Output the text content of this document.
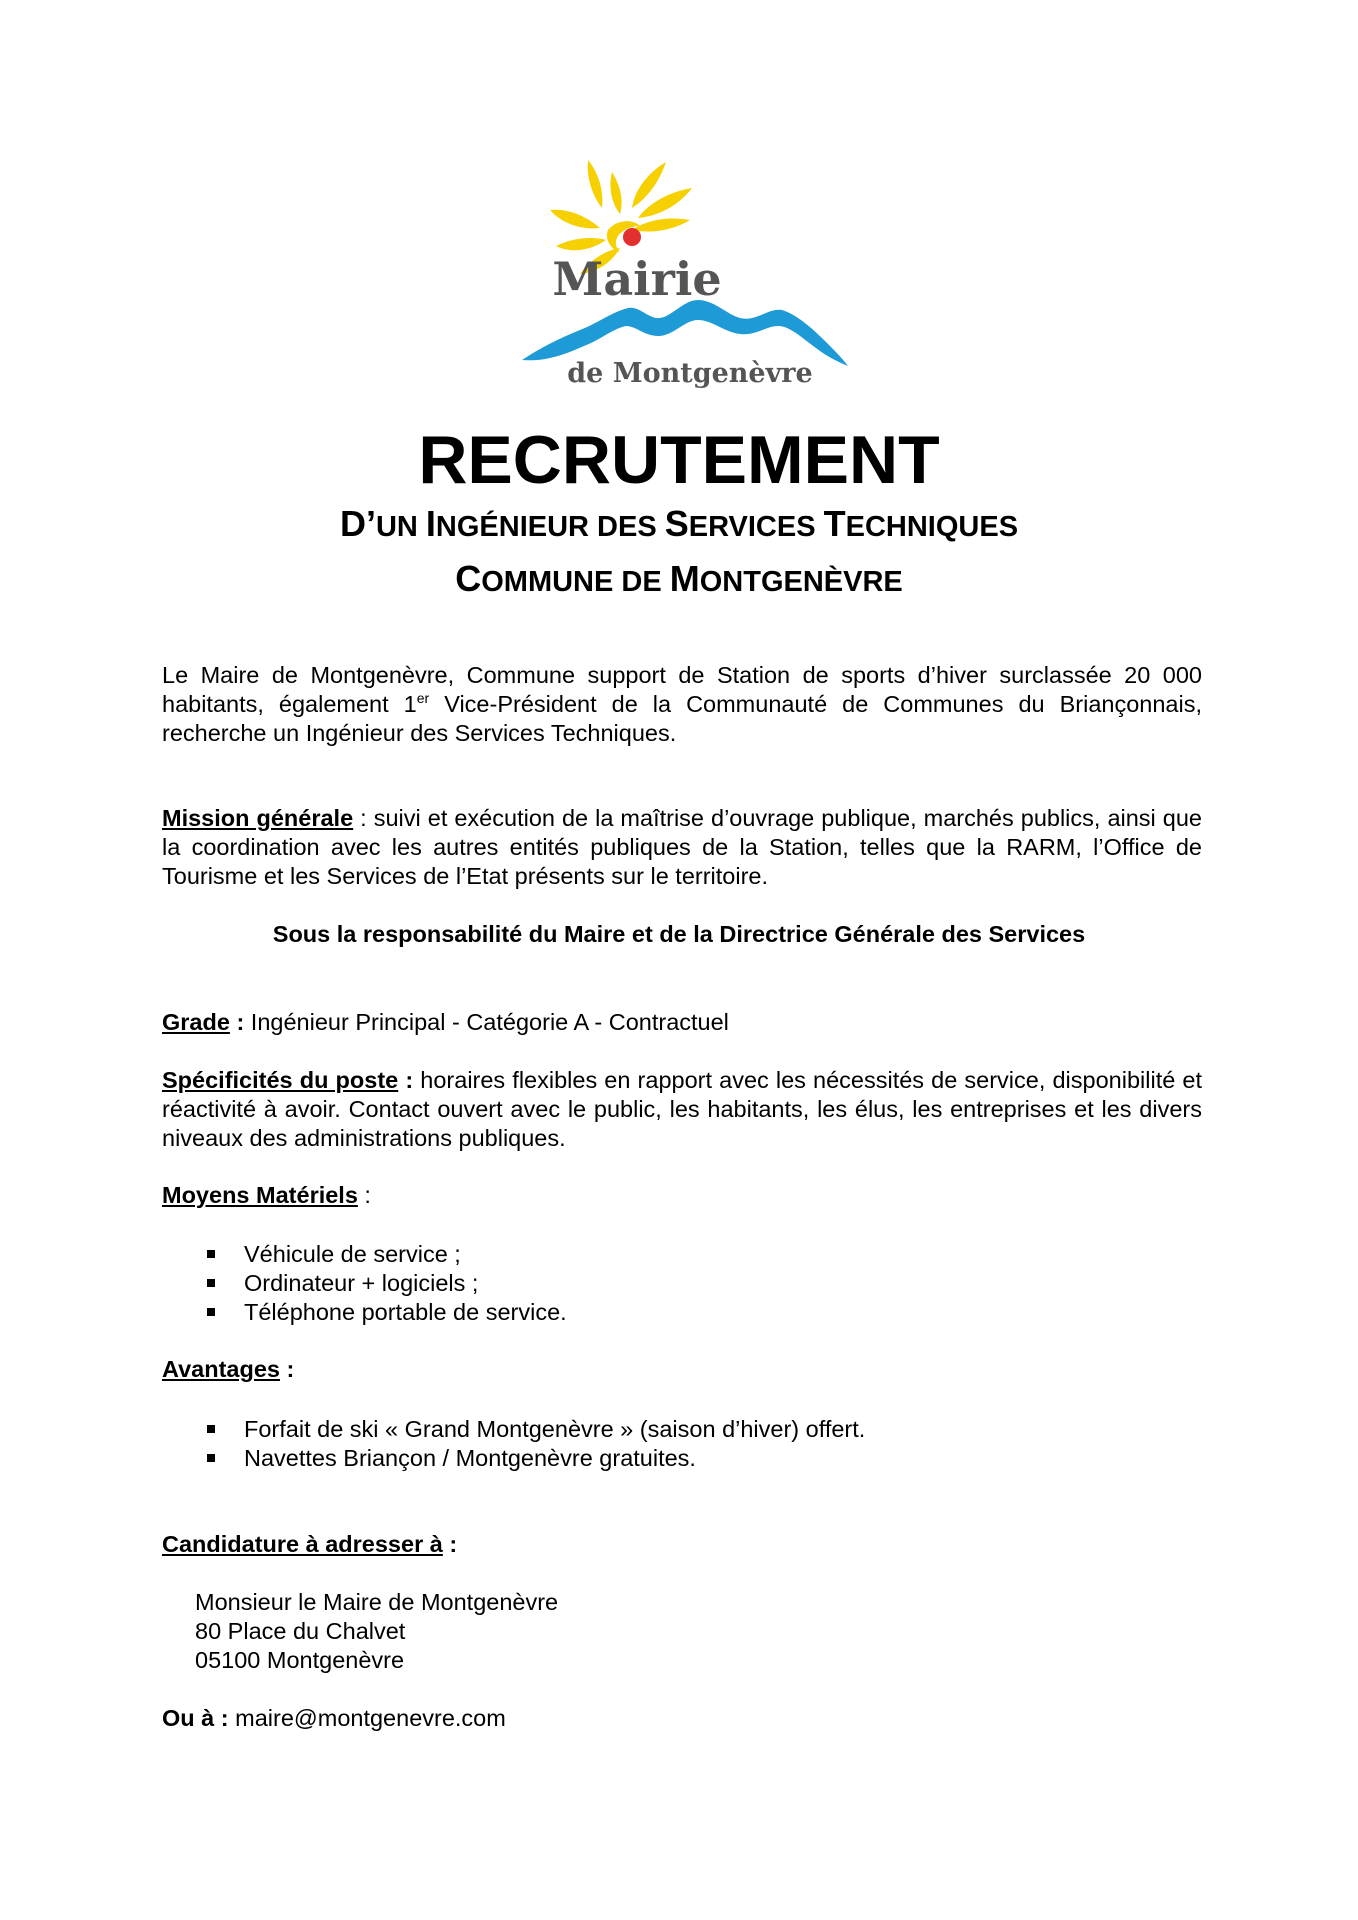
Mairie
de Montgenèvre
RECRUTEMENT
D’UN INGÉNIEUR DES SERVICES TECHNIQUES
COMMUNE DE MONTGENÈVRE
Le Maire de Montgenèvre, Commune support de Station de sports d’hiver surclassée 20 000 habitants, également 1er Vice-Président de la Communauté de Communes du Briançonnais, recherche un Ingénieur des Services Techniques.
Mission générale : suivi et exécution de la maîtrise d’ouvrage publique, marchés publics, ainsi que la coordination avec les autres entités publiques de la Station, telles que la RARM, l’Office de Tourisme et les Services de l’Etat présents sur le territoire.
Sous la responsabilité du Maire et de la Directrice Générale des Services
Grade : Ingénieur Principal - Catégorie A - Contractuel
Spécificités du poste : horaires flexibles en rapport avec les nécessités de service, disponibilité et réactivité à avoir. Contact ouvert avec le public, les habitants, les élus, les entreprises et les divers niveaux des administrations publiques.
Moyens Matériels :
Véhicule de service ;
Ordinateur + logiciels ;
Téléphone portable de service.
Avantages :
Forfait de ski « Grand Montgenèvre » (saison d’hiver) offert.
Navettes Briançon / Montgenèvre gratuites.
Candidature à adresser à :
Monsieur le Maire de Montgenèvre
80 Place du Chalvet
05100 Montgenèvre
Ou à : maire@montgenevre.com
